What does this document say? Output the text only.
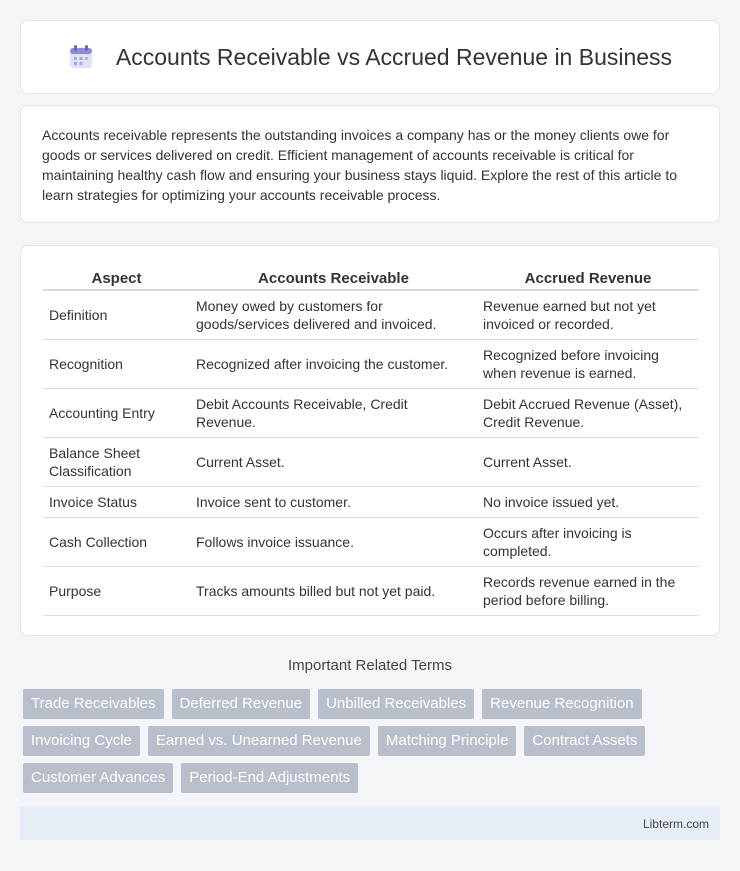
Accounts Receivable vs Accrued Revenue in Business

Accounts receivable represents the outstanding invoices a company has or the money clients owe for goods or services delivered on credit. Efficient management of accounts receivable is critical for maintaining healthy cash flow and ensuring your business stays liquid. Explore the rest of this article to learn strategies for optimizing your accounts receivable process.

Aspect	Accounts Receivable	Accrued Revenue
Definition	Money owed by customers for goods/services delivered and invoiced.	Revenue earned but not yet invoiced or recorded.
Recognition	Recognized after invoicing the customer.	Recognized before invoicing when revenue is earned.
Accounting Entry	Debit Accounts Receivable, Credit Revenue.	Debit Accrued Revenue (Asset), Credit Revenue.
Balance Sheet Classification	Current Asset.	Current Asset.
Invoice Status	Invoice sent to customer.	No invoice issued yet.
Cash Collection	Follows invoice issuance.	Occurs after invoicing is completed.
Purpose	Tracks amounts billed but not yet paid.	Records revenue earned in the period before billing.
Important Related Terms
Trade Receivables	Deferred Revenue	Unbilled Receivables	Revenue Recognition
Invoicing Cycle	Earned vs. Unearned Revenue	Matching Principle	Contract Assets
Customer Advances	Period-End Adjustments
Libterm.com
